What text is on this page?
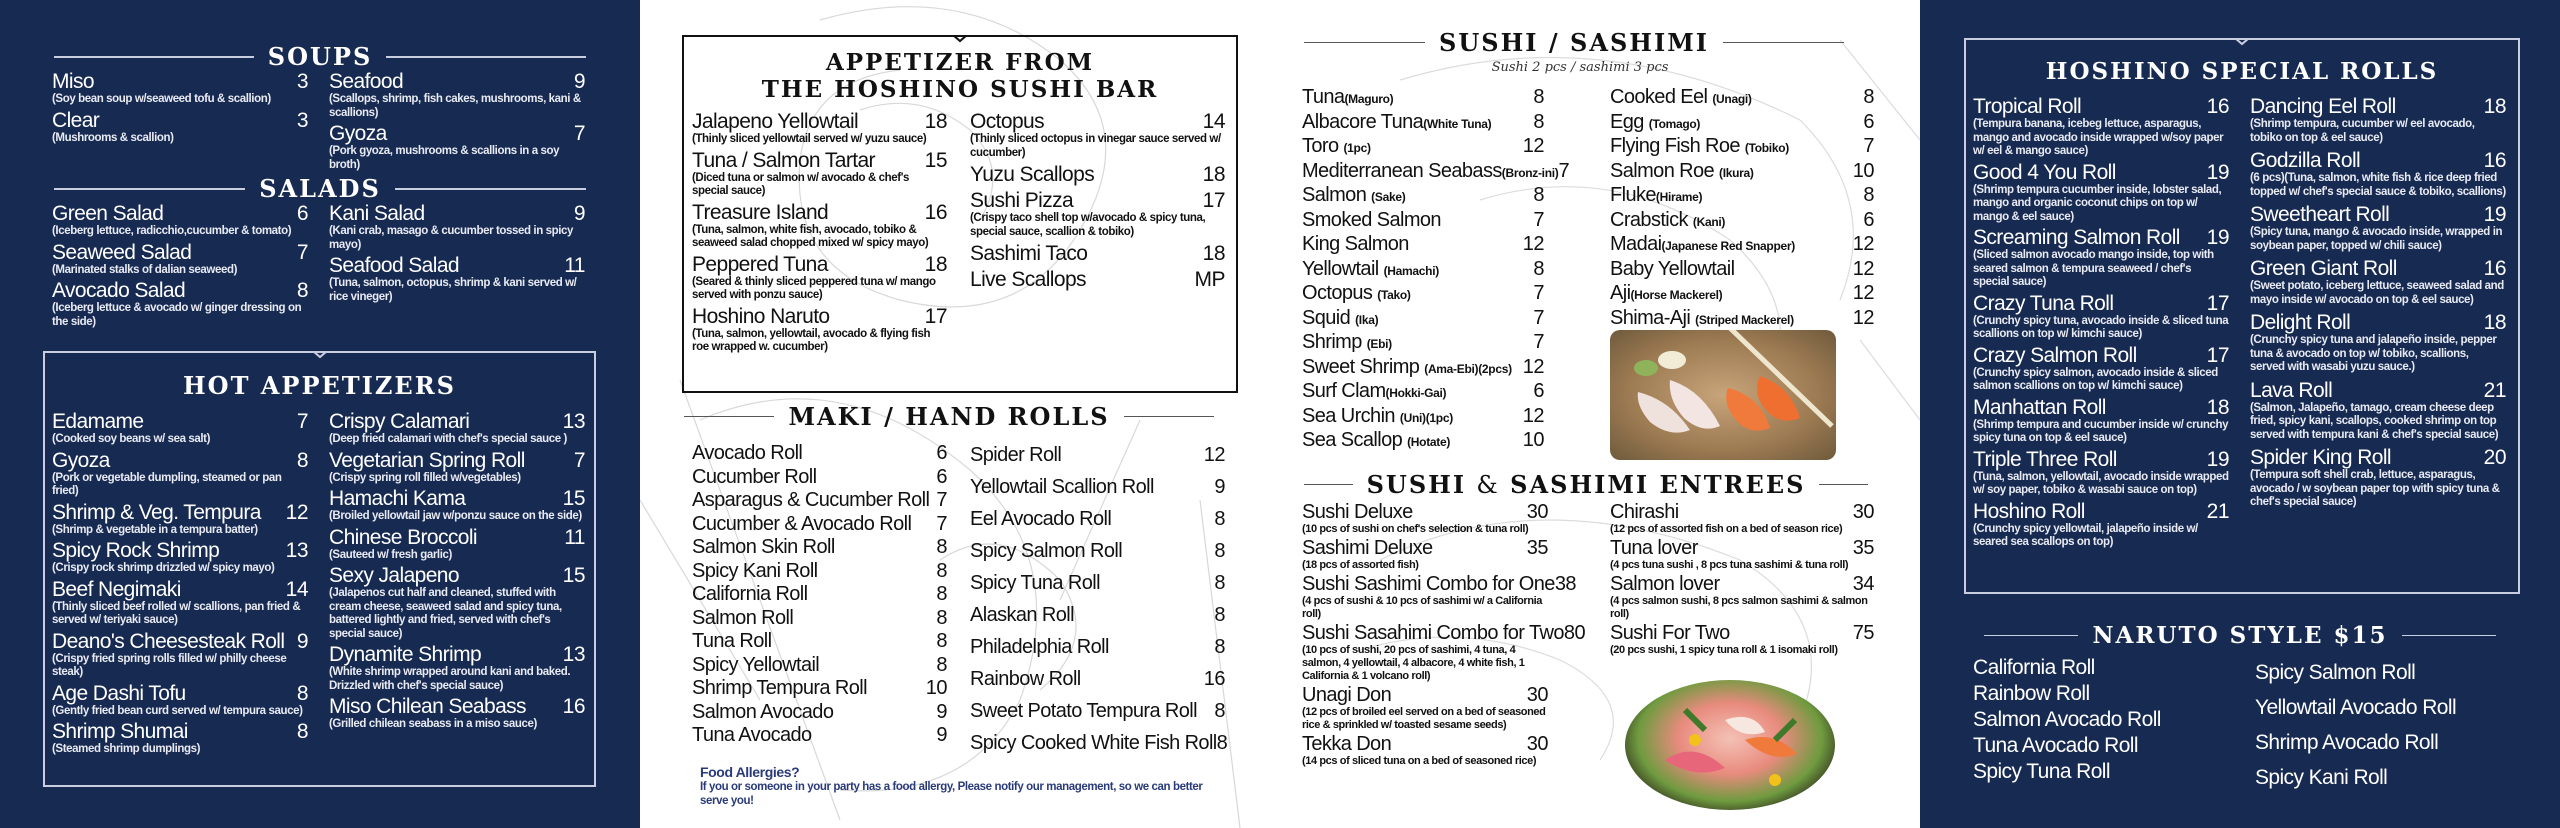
SOUPS
Miso	3
(Soy bean soup w/seaweed tofu & scallion)
Clear	3
(Mushrooms & scallion)
Seafood	9
(Scallops, shrimp, fish cakes, mushrooms, kani & scallions)
Gyoza	7
(Pork gyoza, mushrooms & scallions in a soy broth)
SALADS
Green Salad	6
(Iceberg lettuce, radicchio,cucumber & tomato)
Seaweed Salad	7
(Marinated stalks of dalian seaweed)
Avocado Salad	8
(Iceberg lettuce & avocado w/ ginger dressing on the side)
Kani Salad	9
(Kani crab, masago & cucumber tossed in spicy mayo)
Seafood Salad	11
(Tuna, salmon, octopus, shrimp & kani served w/ rice vineger)
HOT APPETIZERS
Edamame	7
(Cooked soy beans w/ sea salt)
Gyoza	8
(Pork or vegetable dumpling, steamed or pan fried)
Shrimp & Veg. Tempura 12
(Shrimp & vegetable in a tempura batter)
Spicy Rock Shrimp	13
(Crispy rock shrimp drizzled w/ spicy mayo)
Beef Negimaki	14
(Thinly sliced beef rolled w/ scallions, pan fried & served w/ teriyaki sauce)
Deano's Cheesesteak Roll 9
(Crispy fried spring rolls filled w/ philly cheese steak)
Age Dashi Tofu	8
(Gently fried bean curd served w/ tempura sauce)
Shrimp Shumai	8
(Steamed shrimp dumplings)
Crispy Calamari	13
(Deep fried calamari with chef's special sauce )
Vegetarian Spring Roll 7
(Crispy spring roll filled w/vegetables)
Hamachi Kama	15
(Broiled yellowtail jaw w/ponzu sauce on the side)
Chinese Broccoli	11
(Sauteed w/ fresh garlic)
Sexy Jalapeno	15
(Jalapenos cut half and cleaned, stuffed with cream cheese, seaweed salad and spicy tuna, battered lightly and fried, served with chef's special sauce)
Dynamite Shrimp	13
(White shrimp wrapped around kani and baked. Drizzled with chef's special sauce)
Miso Chilean Seabass 16
(Grilled chilean seabass in a miso sauce)
APPETIZER FROM
THE HOSHINO SUSHI BAR
Jalapeno Yellowtail	18
(Thinly sliced yellowtail served w/ yuzu sauce)
Tuna / Salmon Tartar 15
(Diced tuna or salmon w/ avocado & chef's special sauce)
Treasure Island	16
(Tuna, salmon, white fish, avocado, tobiko & seaweed salad chopped mixed w/ spicy mayo)
Peppered Tuna	18
(Seared & thinly sliced peppered tuna w/ mango served with ponzu sauce)
Hoshino Naruto	17
(Tuna, salmon, yellowtail, avocado & flying fish roe wrapped w. cucumber)
Octopus	14
(Thinly sliced octopus in vinegar sauce served w/ cucumber)
Yuzu Scallops	18
Sushi Pizza	17
(Crispy taco shell top w/avocado & spicy tuna, special sauce, scallion & tobiko)
Sashimi Taco	18
Live Scallops	MP
MAKI / HAND ROLLS
Avocado Roll	6
Cucumber Roll	6
Asparagus & Cucumber Roll 7
Cucumber & Avocado Roll 7
Salmon Skin Roll	8
Spicy Kani Roll	8
California Roll	8
Salmon Roll	8
Tuna Roll	8
Spicy Yellowtail	8
Shrimp Tempura Roll	10
Salmon Avocado	9
Tuna Avocado	9
Spider Roll	12
Yellowtail Scallion Roll	9
Eel Avocado Roll	8
Spicy Salmon Roll	8
Spicy Tuna Roll	8
Alaskan Roll	8
Philadelphia Roll	8
Rainbow Roll	16
Sweet Potato Tempura Roll 8
Spicy Cooked White Fish Roll 8
Food Allergies?
If you or someone in your party has a food allergy, Please notify our management, so we can better serve you!
SUSHI / SASHIMI
Sushi 2 pcs / sashimi 3 pcs
Tuna(Maguro)	8
Albacore Tuna(White Tuna) 8
Toro (1pc)	12
Mediterranean Seabass(Bronz-ini) 7
Salmon (Sake)	8
Smoked Salmon	7
King Salmon	12
Yellowtail (Hamachi)	8
Octopus (Tako)	7
Squid (Ika)	7
Shrimp (Ebi)	7
Sweet Shrimp (Ama-Ebi)(2pcs) 12
Surf Clam(Hokki-Gai)	6
Sea Urchin (Uni)(1pc)	12
Sea Scallop (Hotate)	10
Cooked Eel (Unagi)	8
Egg (Tomago)	6
Flying Fish Roe (Tobiko)	7
Salmon Roe (Ikura)	10
Fluke(Hirame)	8
Crabstick (Kani)	6
Madai(Japanese Red Snapper)	12
Baby Yellowtail	12
Aji(Horse Mackerel)	12
Shima-Aji (Striped Mackerel)	12
SUSHI & SASHIMI ENTREES
Sushi Deluxe	30
(10 pcs of sushi on chef's selection & tuna roll)
Sashimi Deluxe	35
(18 pcs of assorted fish)
Sushi Sashimi Combo for One 38
(4 pcs of sushi & 10 pcs of sashimi w/ a California roll)
Sushi Sasahimi Combo for Two 80
(10 pcs of sushi, 20 pcs of sashimi, 4 tuna, 4 salmon, 4 yellowtail, 4 albacore, 4 white fish, 1 California & 1 volcano roll)
Unagi Don	30
(12 pcs of broiled eel served on a bed of seasoned rice & sprinkled w/ toasted sesame seeds)
Tekka Don	30
(14 pcs of sliced tuna on a bed of seasoned rice)
Chirashi	30
(12 pcs of assorted fish on a bed of season rice)
Tuna lover	35
(4 pcs tuna sushi , 8 pcs tuna sashimi & tuna roll)
Salmon lover	34
(4 pcs salmon sushi, 8 pcs salmon sashimi & salmon roll)
Sushi For Two	75
(20 pcs sushi, 1 spicy tuna roll & 1 isomaki roll)
HOSHINO SPECIAL ROLLS
Tropical Roll	16
(Tempura banana, icebeg lettuce, asparagus, mango and avocado inside wrapped w/soy paper w/ eel & mango sauce)
Good 4 You Roll	19
(Shrimp tempura cucumber inside, lobster salad, mango and organic coconut chips on top w/ mango & eel sauce)
Screaming Salmon Roll 19
(Sliced salmon avocado mango inside, top with seared salmon & tempura seaweed / chef's special sauce)
Crazy Tuna Roll	17
(Crunchy spicy tuna, avocado inside & sliced tuna scallions on top w/ kimchi sauce)
Crazy Salmon Roll	17
(Crunchy spicy salmon, avocado inside & sliced salmon scallions on top w/ kimchi sauce)
Manhattan Roll	18
(Shrimp tempura and cucumber inside w/ crunchy spicy tuna on top & eel sauce)
Triple Three Roll	19
(Tuna, salmon, yellowtail, avocado inside wrapped w/ soy paper, tobiko & wasabi sauce on top)
Hoshino Roll	21
(Crunchy spicy yellowtail, jalapeño inside w/ seared sea scallops on top)
Dancing Eel Roll	18
(Shrimp tempura, cucumber w/ eel avocado, tobiko on top & eel sauce)
Godzilla Roll	16
(6 pcs)(Tuna, salmon, white fish & rice deep fried topped w/ chef's special sauce & tobiko, scallions)
Sweetheart Roll	19
(Spicy tuna, mango & avocado inside, wrapped in soybean paper, topped w/ chili sauce)
Green Giant Roll	16
(Sweet potato, iceberg lettuce, seaweed salad and mayo inside w/ avocado on top & eel sauce)
Delight Roll	18
(Crunchy spicy tuna and jalapeño inside, pepper tuna & avocado on top w/ tobiko, scallions, served with wasabi yuzu sauce.)
Lava Roll	21
(Salmon, Jalapeño, tamago, cream cheese deep fried, spicy kani, scallops, cooked shrimp on top served with tempura kani & chef's special sauce)
Spider King Roll	20
(Tempura soft shell crab, lettuce, asparagus, avocado / w soybean paper top with spicy tuna & chef's special sauce)
NARUTO STYLE $15
California Roll
Rainbow Roll
Salmon Avocado Roll
Tuna Avocado Roll
Spicy Tuna Roll
Spicy Salmon Roll
Yellowtail Avocado Roll
Shrimp Avocado Roll
Spicy Kani Roll
